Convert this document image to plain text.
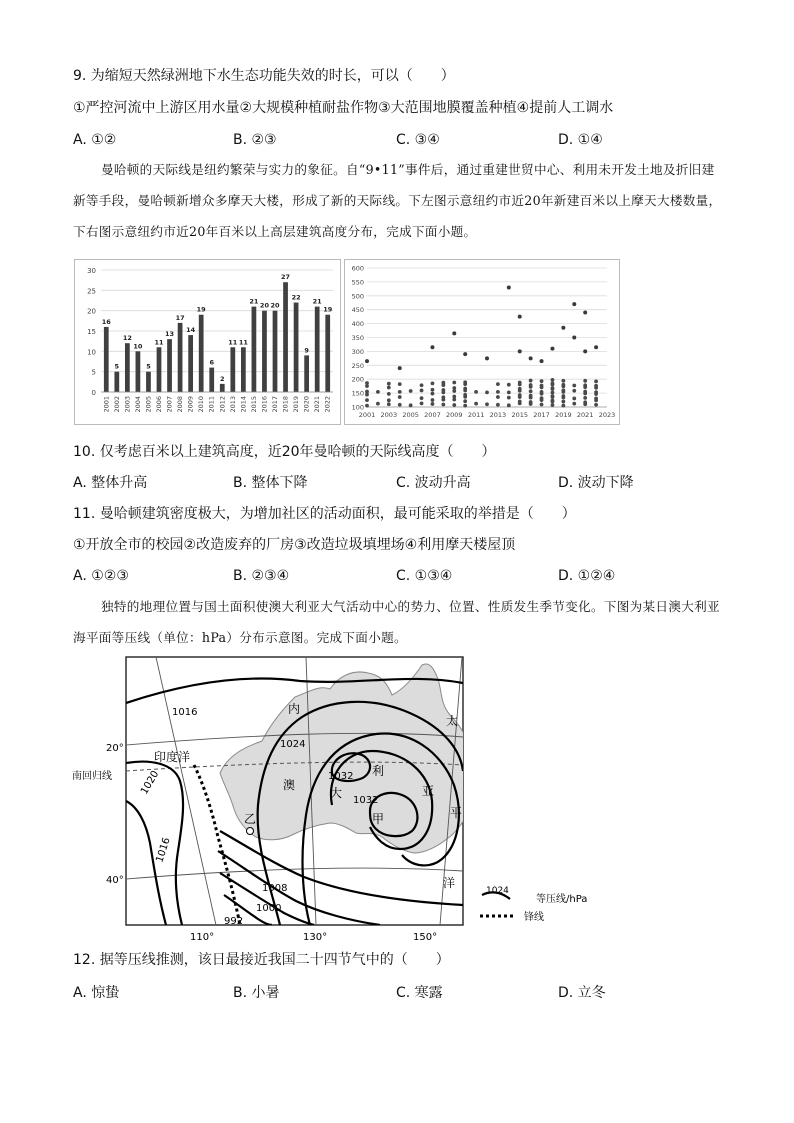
9. 为缩短天然绿洲地下水生态功能失效的时长，可以（　　）
①严控河流中上游区用水量②大规模种植耐盐作物③大范围地膜覆盖种植④提前人工调水
A. ①②	B. ②③	C. ③④	D. ①④
曼哈顿的天际线是纽约繁荣与实力的象征。自“9•11”事件后，通过重建世贸中心、利用未开发土地及折旧建新等手段，曼哈顿新增众多摩天大楼，形成了新的天际线。下左图示意纽约市近20年新建百米以上摩天大楼数量，下右图示意纽约市近20年百米以上高层建筑高度分布，完成下面小题。
0
5
10
15
20
25
30
16
2001
5
2002
12
2003
10
2004
5
2005
11
2006
13
2007
17
2008
14
2009
19
2010
6
2011
2
2012
11
2013
11
2014
21
2015
20
2016
20
2017
27
2018
22
2019
9
2020
21
2021
19
2022	100
150
200
250
300
350
400
450
500
550
600
2001 2003 2005 2007 2009 2011 2013 2015 2017 2019 2021 2023
10. 仅考虑百米以上建筑高度，近20年曼哈顿的天际线高度（　　）
A. 整体升高	B. 整体下降	C. 波动升高	D. 波动下降
11. 曼哈顿建筑密度极大，为增加社区的活动面积，最可能采取的举措是（　　）
①开放全市的校园②改造废弃的厂房③改造垃圾填埋场④利用摩天楼屋顶
A. ①②③	B. ②③④	C. ①③④	D. ①②④
独特的地理位置与国土面积使澳大利亚大气活动中心的势力、位置、性质发生季节变化。下图为某日澳大利亚海平面等压线（单位：hPa）分布示意图。完成下面小题。
1016
1024
1032
1032
1020
1016
1008
1000
992
内
澳
大
利
亚
太
平
洋
印度洋
甲
乙
20°
南回归线
40°
110°	130°	150°
1024
等压线/hPa
锋线
12. 据等压线推测，该日最接近我国二十四节气中的（　　）
A. 惊蛰	B. 小暑	C. 寒露	D. 立冬
